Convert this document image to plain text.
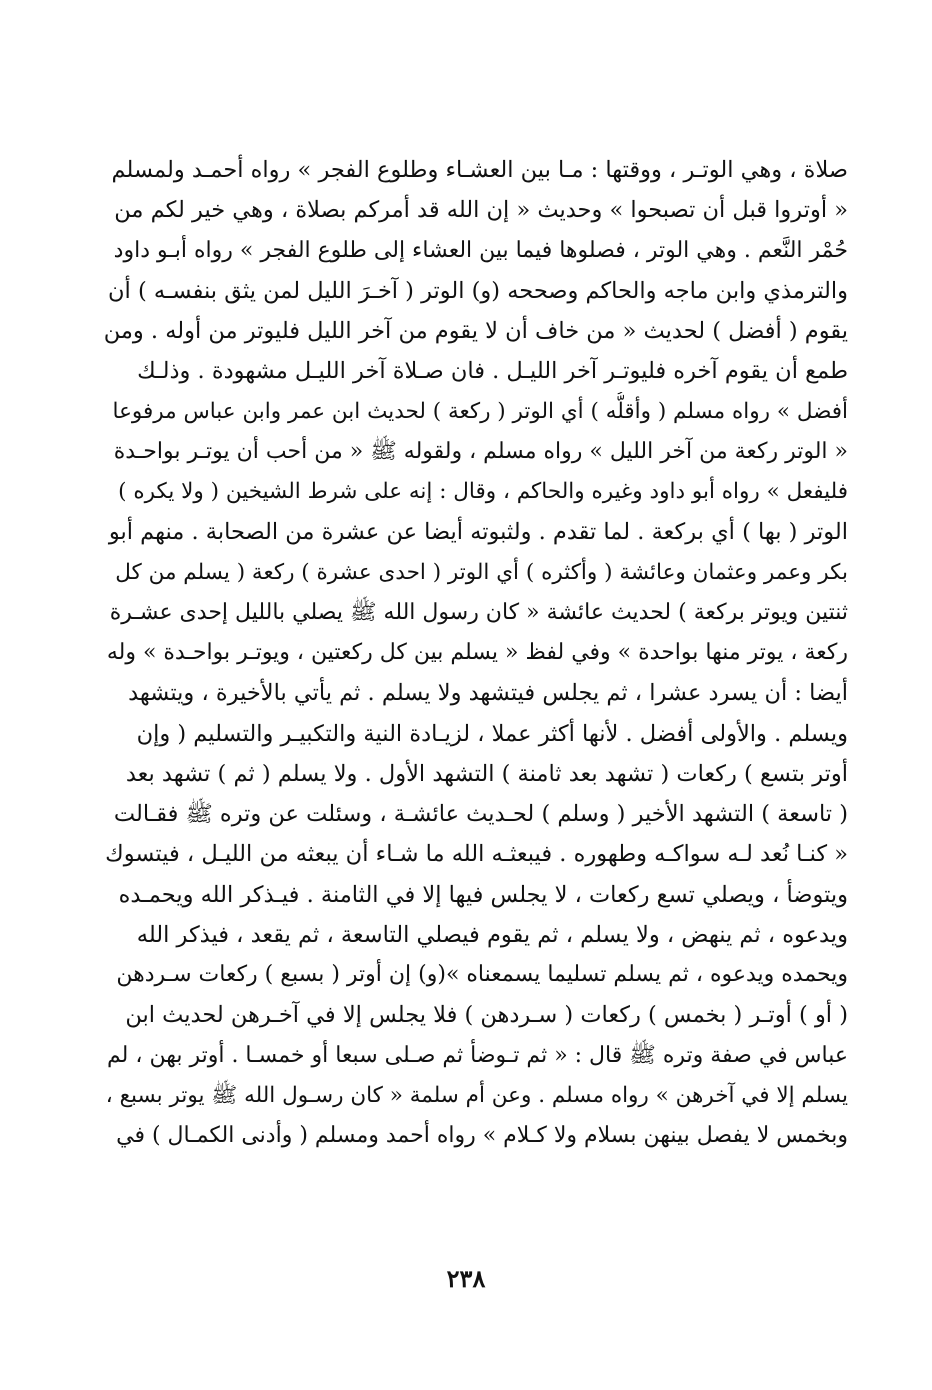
صلاة ، وهي الوتـر ، ووقتها : مـا بين العشـاء وطلوع الفجر » رواه أحمـد ولمسلم
« أوتروا قبل أن تصبحوا » وحديث « إن الله قد أمركم بصلاة ، وهي خير لكم من
حُمْر النَّعم . وهي الوتر ، فصلوها فيما بين العشاء إلى طلوع الفجر » رواه أبـو داود
والترمذي وابن ماجه والحاكم وصححه (و) الوتر ( آخـرَ الليل لمن يثق بنفسـه ) أن
يقوم ( أفضل ) لحديث « من خاف أن لا يقوم من آخر الليل فليوتر من أوله . ومن
طمع أن يقوم آخره فليوتـر آخر الليـل . فان صـلاة آخر الليـل مشهودة . وذلـك
أفضل » رواه مسلم ( وأقلُّه ) أي الوتر ( ركعة ) لحديث ابن عمر وابن عباس مرفوعا
« الوتر ركعة من آخر الليل » رواه مسلم ، ولقوله ﷺ « من أحب أن يوتـر بواحـدة
فليفعل » رواه أبو داود وغيره والحاكم ، وقال : إنه على شرط الشيخين ( ولا يكره )
الوتر ( بها ) أي بركعة . لما تقدم . ولثبوته أيضا عن عشرة من الصحابة . منهم أبو
بكر وعمر وعثمان وعائشة ( وأكثره ) أي الوتر ( احدى عشرة ) ركعة ( يسلم من كل
ثنتين ويوتر بركعة ) لحديث عائشة « كان رسول الله ﷺ يصلي بالليل إحدى عشـرة
ركعة ، يوتر منها بواحدة » وفي لفظ « يسلم بين كل ركعتين ، ويوتـر بواحـدة » وله
أيضا : أن يسرد عشرا ، ثم يجلس فيتشهد ولا يسلم . ثم يأتي بالأخيرة ، ويتشهد
ويسلم . والأولى أفضل . لأنها أكثر عملا ، لزيـادة النية والتكبيـر والتسليم ( وإن
أوتر بتسع ) ركعات ( تشهد بعد ثامنة ) التشهد الأول . ولا يسلم ( ثم ) تشهد بعد
( تاسعة ) التشهد الأخير ( وسلم ) لحـديث عائشـة ، وسئلت عن وتره ﷺ فقـالت
« كنـا نُعد لـه سواكـه وطهوره . فيبعثـه الله ما شـاء أن يبعثه من الليـل ، فيتسوك
ويتوضأ ، ويصلي تسع ركعات ، لا يجلس فيها إلا في الثامنة . فيـذكر الله ويحمـده
ويدعوه ، ثم ينهض ، ولا يسلم ، ثم يقوم فيصلي التاسعة ، ثم يقعد ، فيذكر الله
ويحمده ويدعوه ، ثم يسلم تسليما يسمعناه »(و) إن أوتر ( بسبع ) ركعات سـردهن
( أو ) أوتـر ( بخمس ) ركعات ( سـردهن ) فلا يجلس إلا في آخـرهن لحديث ابن
عباس في صفة وتره ﷺ قال : « ثم تـوضأ ثم صـلى سبعا أو خمسـا . أوتر بهن ، لم
يسلم إلا في آخرهن » رواه مسلم . وعن أم سلمة « كان رسـول الله ﷺ يوتر بسبع ،
وبخمس لا يفصل بينهن بسلام ولا كـلام » رواه أحمد ومسلم ( وأدنى الكمـال ) في
٢٣٨
